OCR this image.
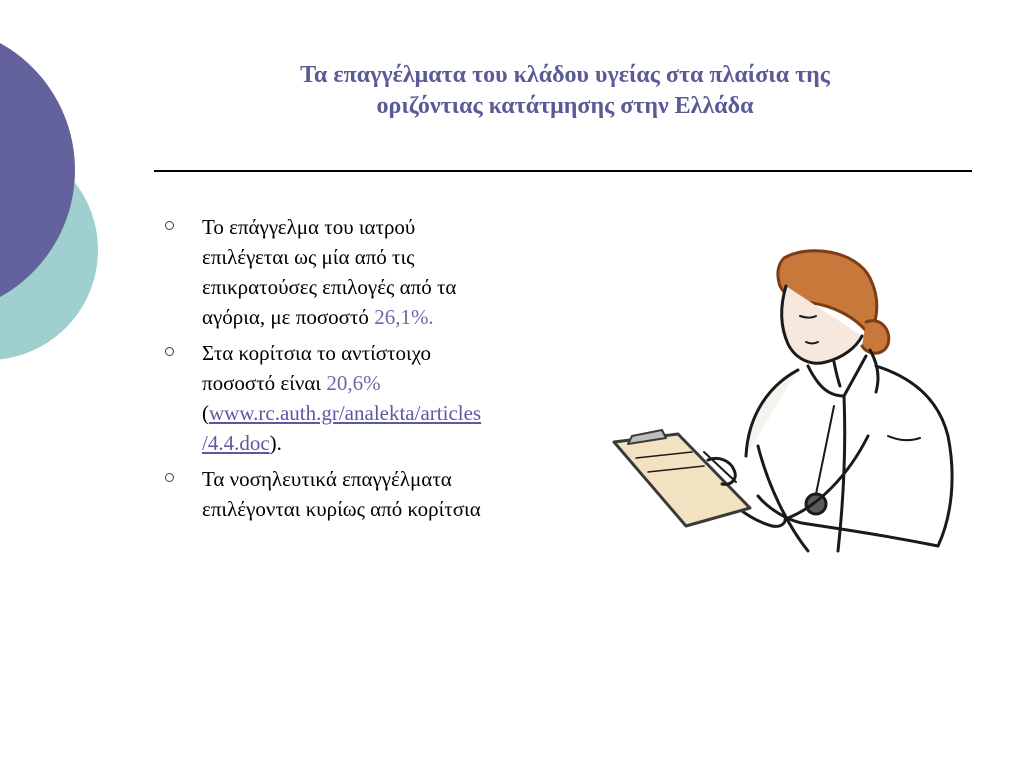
Τα επαγγέλματα του κλάδου υγείας στα πλαίσια της
οριζόντιας κατάτμησης στην Ελλάδα
Το επάγγελμα του ιατρού
επιλέγεται ως μία από τις
επικρατούσες επιλογές από τα
αγόρια, με ποσοστό 26,1%.
Στα κορίτσια το αντίστοιχο
ποσοστό είναι 20,6%
(www.rc.auth.gr/analekta/articles
/4.4.doc).
Τα νοσηλευτικά επαγγέλματα
επιλέγονται κυρίως από κορίτσια
